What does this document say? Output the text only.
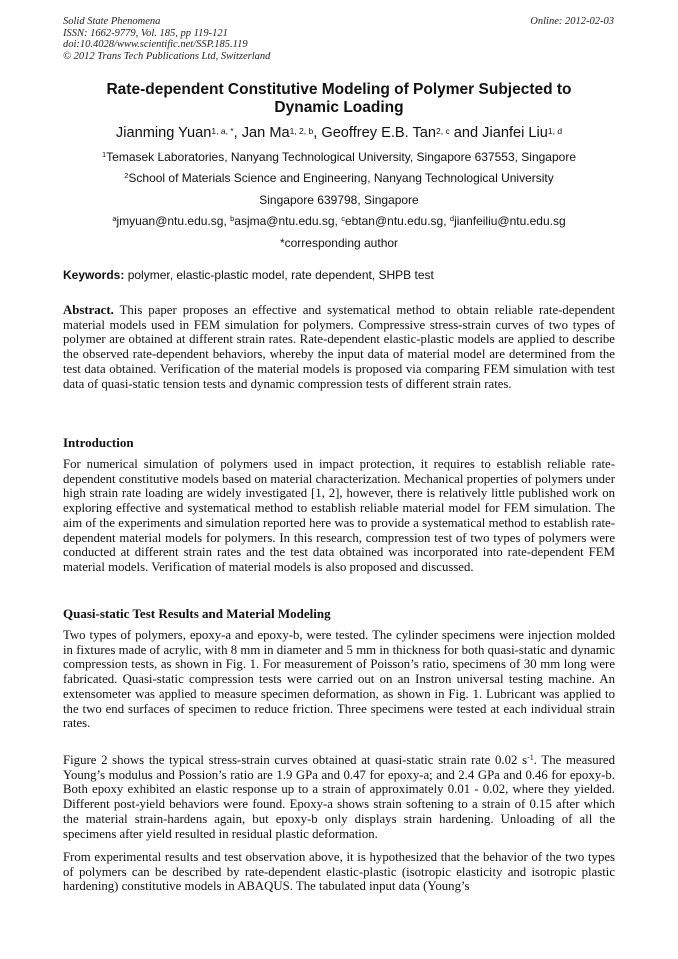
Solid State Phenomena
ISSN: 1662-9779, Vol. 185, pp 119-121
doi:10.4028/www.scientific.net/SSP.185.119
© 2012 Trans Tech Publications Ltd, Switzerland
Online: 2012-02-03
Rate-dependent Constitutive Modeling of Polymer Subjected to
Dynamic Loading
Jianming Yuan$^{1, a, *}$, Jan Ma$^{1, 2, b}$, Geoffrey E.B. Tan$^{2, c}$ and Jianfei Liu$^{1, d}$
$^1$Temasek Laboratories, Nanyang Technological University, Singapore 637553, Singapore
$^2$School of Materials Science and Engineering, Nanyang Technological University
Singapore 639798, Singapore
$^a$jmyuan@ntu.edu.sg, $^b$asjma@ntu.edu.sg, $^c$ebtan@ntu.edu.sg, $^d$jianfeiliu@ntu.edu.sg
*corresponding author
Keywords: polymer, elastic-plastic model, rate dependent, SHPB test
Abstract. This paper proposes an effective and systematical method to obtain reliable rate-dependent material models used in FEM simulation for polymers. Compressive stress-strain curves of two types of polymer are obtained at different strain rates. Rate-dependent elastic-plastic models are applied to describe the observed rate-dependent behaviors, whereby the input data of material model are determined from the test data obtained. Verification of the material models is proposed via comparing FEM simulation with test data of quasi-static tension tests and dynamic compression tests of different strain rates.
Introduction
For numerical simulation of polymers used in impact protection, it requires to establish reliable rate-dependent constitutive models based on material characterization. Mechanical properties of polymers under high strain rate loading are widely investigated [1, 2], however, there is relatively little published work on exploring effective and systematical method to establish reliable material model for FEM simulation. The aim of the experiments and simulation reported here was to provide a systematical method to establish rate-dependent material models for polymers. In this research, compression test of two types of polymers were conducted at different strain rates and the test data obtained was incorporated into rate-dependent FEM material models. Verification of material models is also proposed and discussed.
Quasi-static Test Results and Material Modeling
Two types of polymers, epoxy-a and epoxy-b, were tested. The cylinder specimens were injection molded in fixtures made of acrylic, with 8 mm in diameter and 5 mm in thickness for both quasi-static and dynamic compression tests, as shown in Fig. 1. For measurement of Poisson’s ratio, specimens of 30 mm long were fabricated. Quasi-static compression tests were carried out on an Instron universal testing machine. An extensometer was applied to measure specimen deformation, as shown in Fig. 1. Lubricant was applied to the two end surfaces of specimen to reduce friction. Three specimens were tested at each individual strain rates.
Figure 2 shows the typical stress-strain curves obtained at quasi-static strain rate 0.02 $s^{-1}$. The measured Young’s modulus and Possion’s ratio are 1.9 GPa and 0.47 for epoxy-a; and 2.4 GPa and 0.46 for epoxy-b. Both epoxy exhibited an elastic response up to a strain of approximately 0.01 - 0.02, where they yielded. Different post-yield behaviors were found. Epoxy-a shows strain softening to a strain of 0.15 after which the material strain-hardens again, but epoxy-b only displays strain hardening. Unloading of all the specimens after yield resulted in residual plastic deformation.
From experimental results and test observation above, it is hypothesized that the behavior of the two types of polymers can be described by rate-dependent elastic-plastic (isotropic elasticity and isotropic plastic hardening) constitutive models in ABAQUS. The tabulated input data (Young’s
